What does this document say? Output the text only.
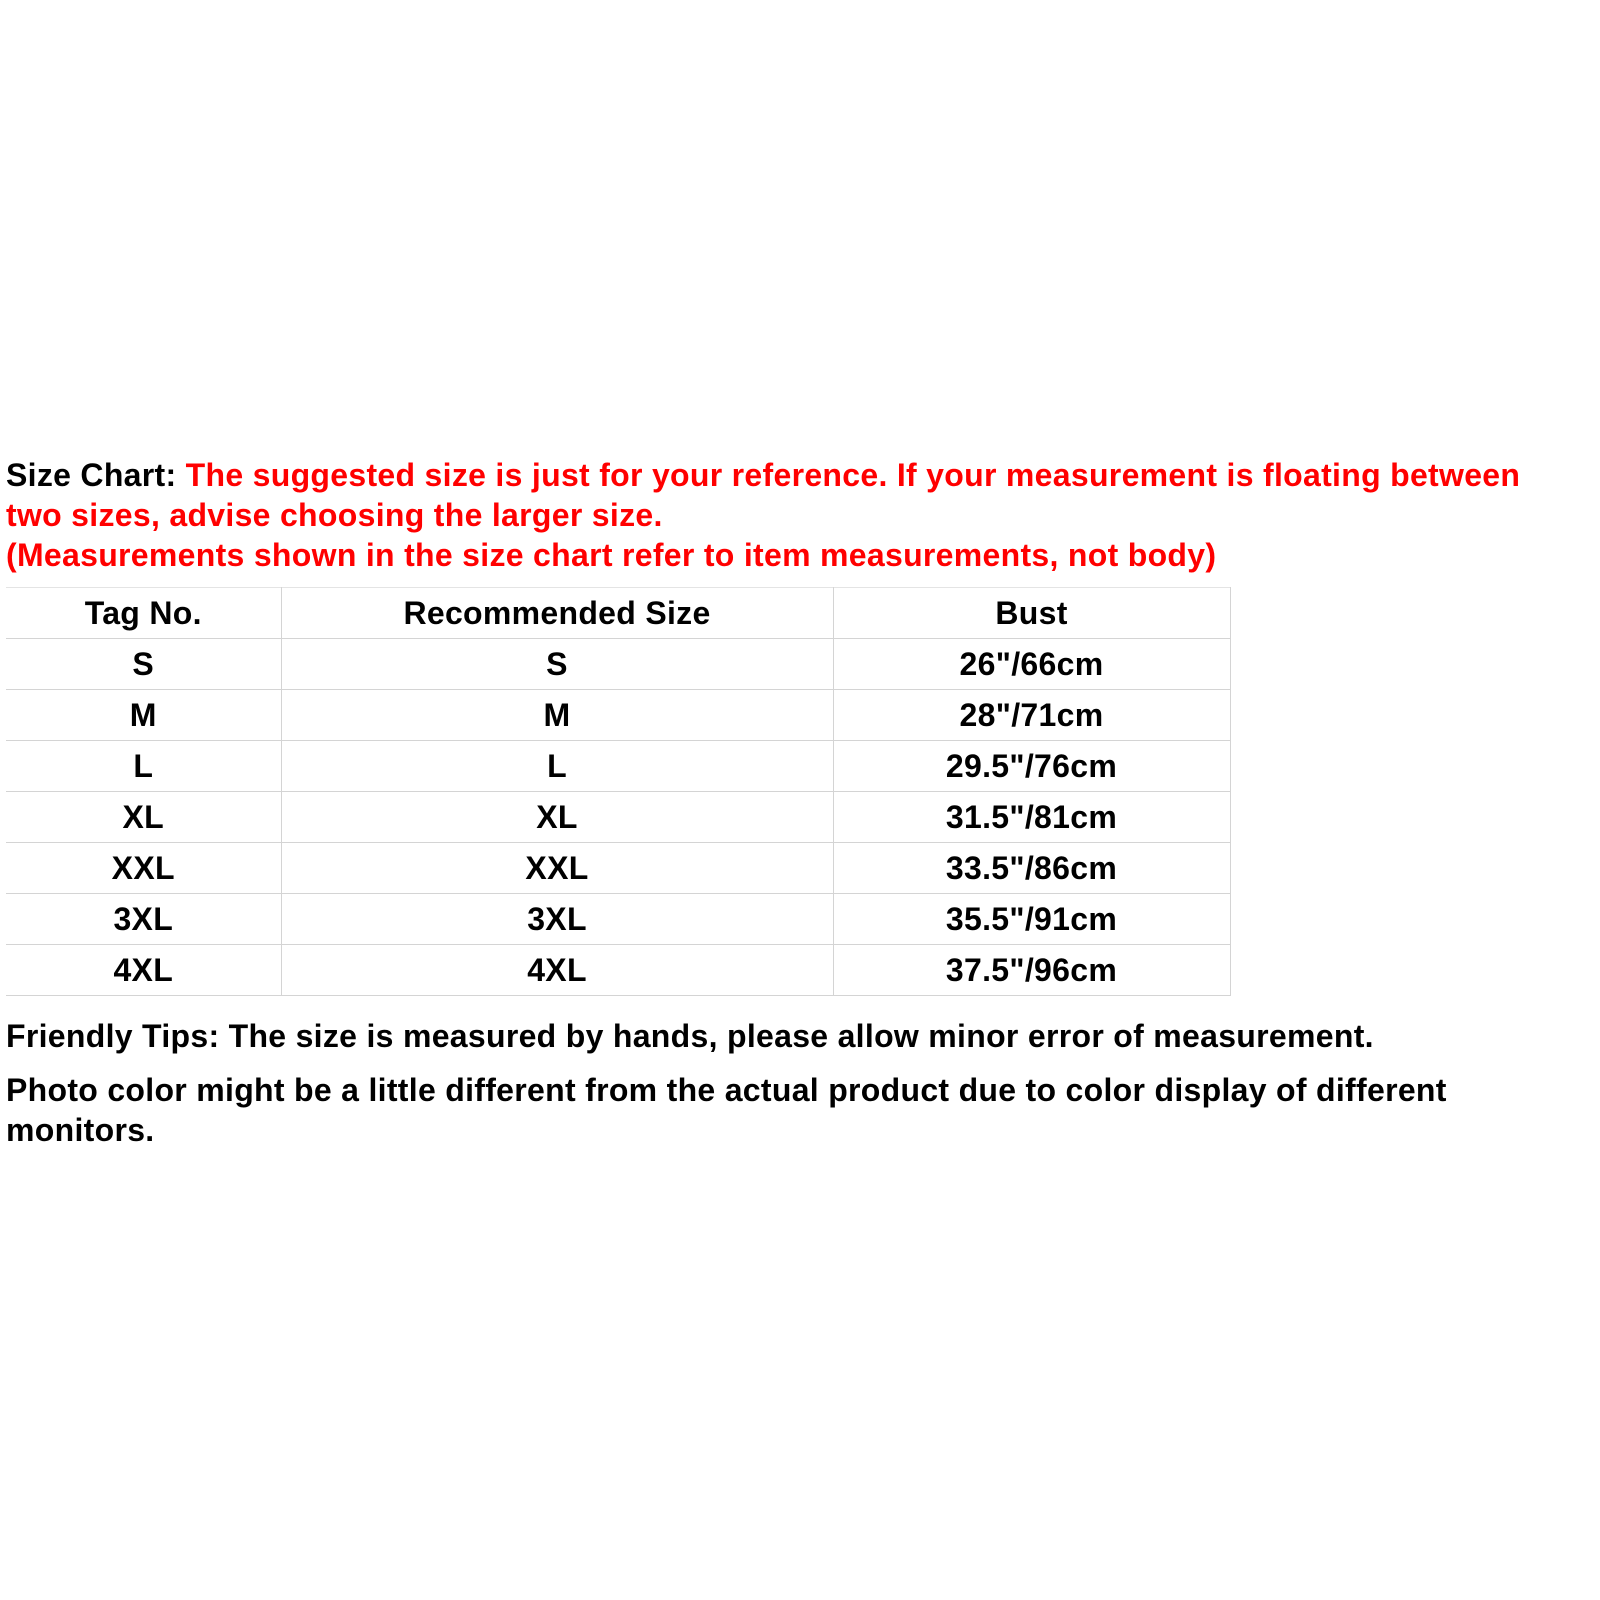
Size Chart: The suggested size is just for your reference. If your measurement is floating between two sizes, advise choosing the larger size.

(Measurements shown in the size chart refer to item measurements, not body)

Tag No.	Recommended Size	Bust
S	S	26"/66cm
M	M	28"/71cm
L	L	29.5"/76cm
XL	XL	31.5"/81cm
XXL	XXL	33.5"/86cm
3XL	3XL	35.5"/91cm
4XL	4XL	37.5"/96cm

Friendly Tips: The size is measured by hands, please allow minor error of measurement.

Photo color might be a little different from the actual product due to color display of different monitors.
